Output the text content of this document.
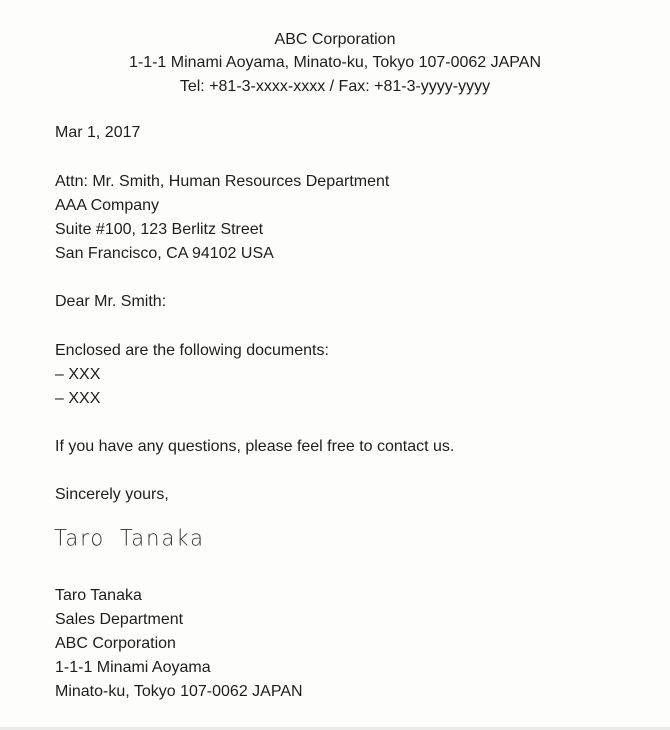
ABC Corporation
1-1-1 Minami Aoyama, Minato-ku, Tokyo 107-0062 JAPAN
Tel: +81-3-xxxx-xxxx / Fax: +81-3-yyyy-yyyy
Mar 1, 2017
Attn: Mr. Smith, Human Resources Department
AAA Company
Suite #100, 123 Berlitz Street
San Francisco, CA 94102 USA
Dear Mr. Smith:
Enclosed are the following documents:
– XXX
– XXX
If you have any questions, please feel free to contact us.
Sincerely yours,
Taro Tanaka
Taro Tanaka
Sales Department
ABC Corporation
1-1-1 Minami Aoyama
Minato-ku, Tokyo 107-0062 JAPAN
